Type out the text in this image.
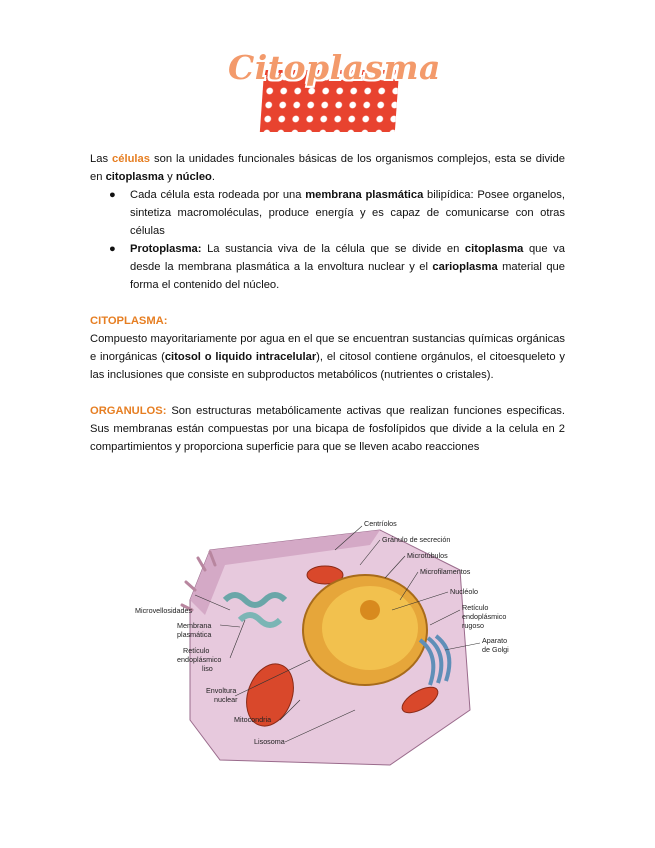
Citoplasma

Las células son la unidades funcionales básicas de los organismos complejos, esta se divide en citoplasma y núcleo.

● Cada célula esta rodeada por una membrana plasmática bilipídica: Posee organelos, sintetiza macromoléculas, produce energía y es capaz de comunicarse con otras células
● Protoplasma: La sustancia viva de la célula que se divide en citoplasma que va desde la membrana plasmática a la envoltura nuclear y el carioplasma material que forma el contenido del núcleo.

CITOPLASMA:

Compuesto mayoritariamente por agua en el que se encuentran sustancias químicas orgánicas e inorgánicas (citosol o liquido intracelular), el citosol contiene orgánulos, el citoesqueleto y las inclusiones que consiste en subproductos metabólicos (nutrientes o cristales).

ORGANULOS: Son estructuras metabólicamente activas que realizan funciones especificas. Sus membranas están compuestas por una bicapa de fosfolípidos que divide a la celula en 2 compartimientos y proporciona superficie para que se lleven acabo reacciones

Centríolos
Gránulo de secreción
Microtúbulos
Microfilamentos
Nucléolo
Retículo
endoplásmico
rugoso
Aparato
de Golgi
Microvellosidades
Membrana
plasmática
Retículo
endoplásmico
liso
Envoltura
nuclear
Mitocondria
Lisosoma
